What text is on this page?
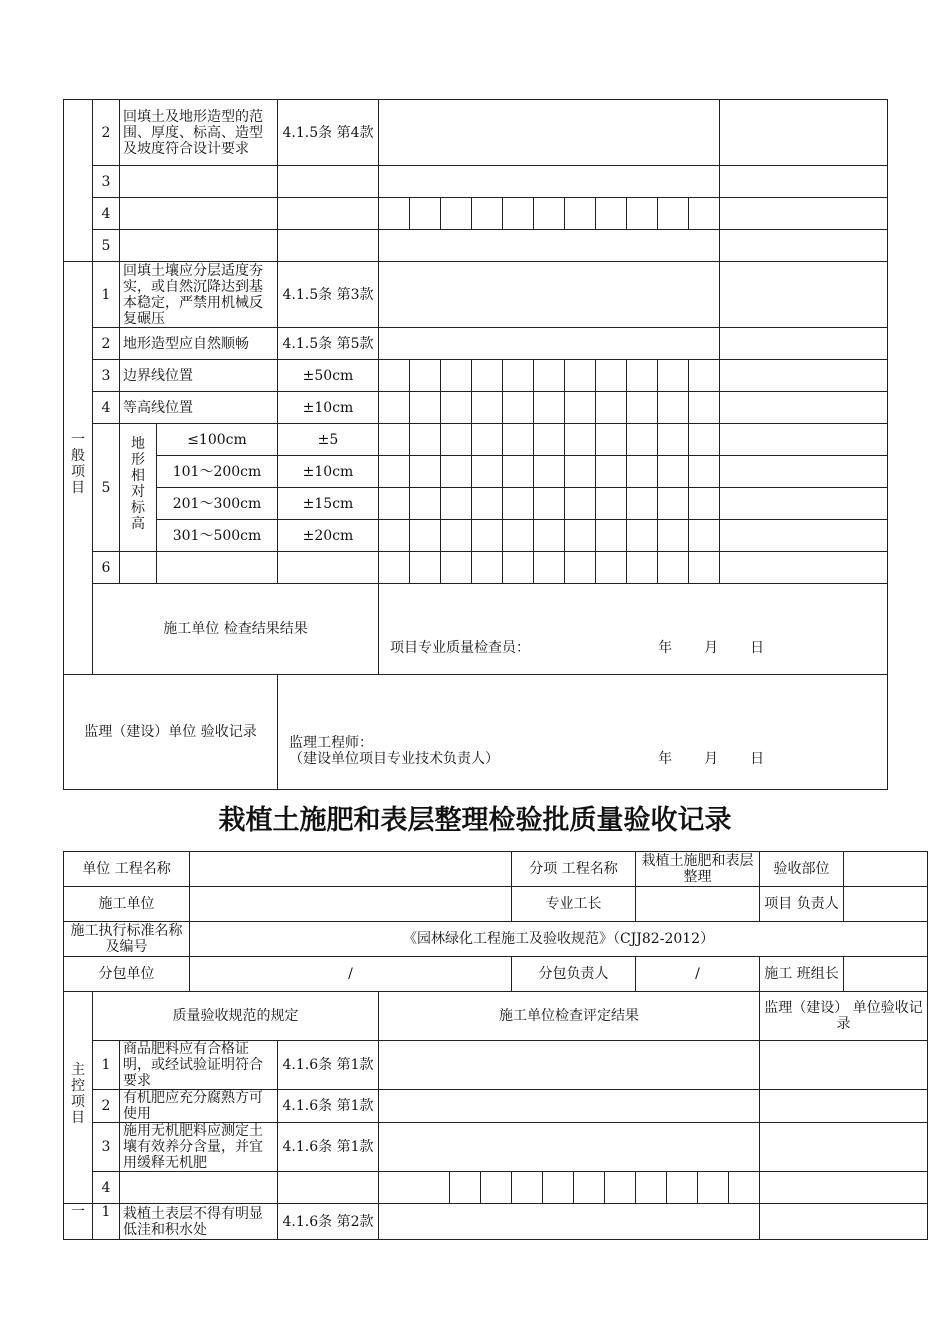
	2	回填土及地形造型的范围、厚度、标高、造型及坡度符合设计要求		4.1.5条 第4款												
	3															
	4															
	5															
一般项目	1	回填土壤应分层适度夯实，或自然沉降达到基本稳定，严禁用机械反复碾压		4.1.5条 第3款												
	2	地形造型应自然顺畅		4.1.5条 第5款												
	3	边界线位置		±50cm												
	4	等高线位置		±10cm												
	5	地形相对标高	≤100cm	±5												
			101～200cm	±10cm												
			201～300cm	±15cm												
			301～500cm	±20cm												
	6															
	施工单位 检查结果结果				项目专业质量检查员： 年 月 日											

监理（建设）单位 验收记录				监理工程师：
（建设单位项目专业技术负责人） 年 月 日												
栽植土施肥和表层整理检验批质量验收记录
单位 工程名称								分项 工程名称				栽植土施肥和表层整理				验收部位	
施工单位								专业工长								项目 负责人	
施工执行标准名称及编号			《园林绿化工程施工及验收规范》（CJJ82-2012）														
分包单位			/					分包负责人				/				施工 班组长	
主控项目	质量验收规范的规定				施工单位检查评定结果											监理（建设） 单位验收记录	
	1	商品肥料应有合格证明，或经试验证明符合要求		4.1.6条 第1款													
	2	有机肥应充分腐熟方可使用		4.1.6条 第1款													
	3	施用无机肥料应测定土壤有效养分含量，并宜用缓释无机肥		4.1.6条 第1款													
	4																
一	1	栽植土表层不得有明显低洼和积水处		4.1.6条 第2款													
